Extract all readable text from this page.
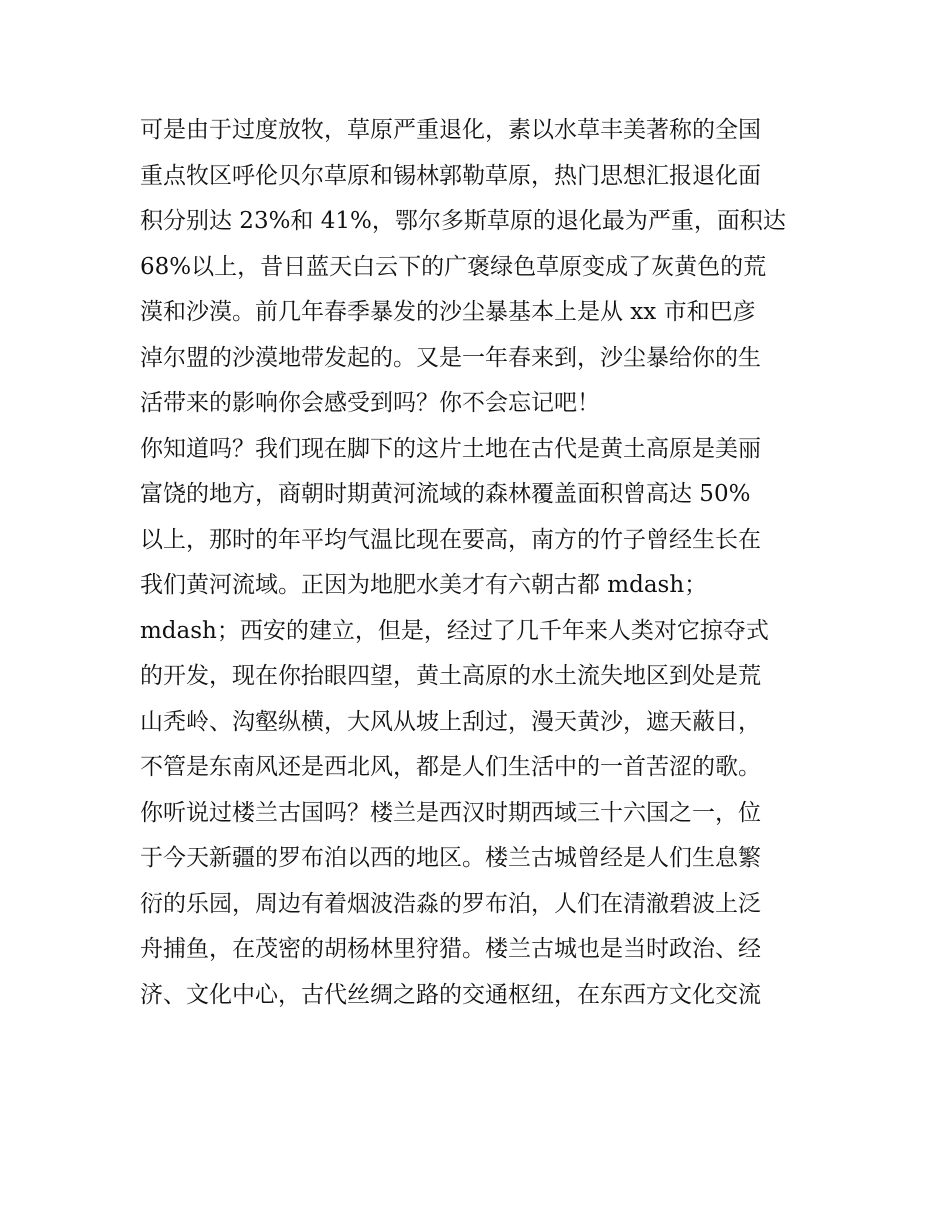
可是由于过度放牧，草原严重退化，素以水草丰美著称的全国
重点牧区呼伦贝尔草原和锡林郭勒草原，热门思想汇报退化面
积分别达 23%和 41%，鄂尔多斯草原的退化最为严重，面积达
68%以上，昔日蓝天白云下的广褒绿色草原变成了灰黄色的荒
漠和沙漠。前几年春季暴发的沙尘暴基本上是从 xx 市和巴彦
淖尔盟的沙漠地带发起的。又是一年春来到，沙尘暴给你的生
活带来的影响你会感受到吗？你不会忘记吧！
你知道吗？我们现在脚下的这片土地在古代是黄土高原是美丽
富饶的地方，商朝时期黄河流域的森林覆盖面积曾高达 50%
以上，那时的年平均气温比现在要高，南方的竹子曾经生长在
我们黄河流域。正因为地肥水美才有六朝古都 mdash；
mdash；西安的建立，但是，经过了几千年来人类对它掠夺式
的开发，现在你抬眼四望，黄土高原的水土流失地区到处是荒
山秃岭、沟壑纵横，大风从坡上刮过，漫天黄沙，遮天蔽日，
不管是东南风还是西北风，都是人们生活中的一首苦涩的歌。
你听说过楼兰古国吗？楼兰是西汉时期西域三十六国之一，位
于今天新疆的罗布泊以西的地区。楼兰古城曾经是人们生息繁
衍的乐园，周边有着烟波浩淼的罗布泊，人们在清澈碧波上泛
舟捕鱼，在茂密的胡杨林里狩猎。楼兰古城也是当时政治、经
济、文化中心，古代丝绸之路的交通枢纽，在东西方文化交流
